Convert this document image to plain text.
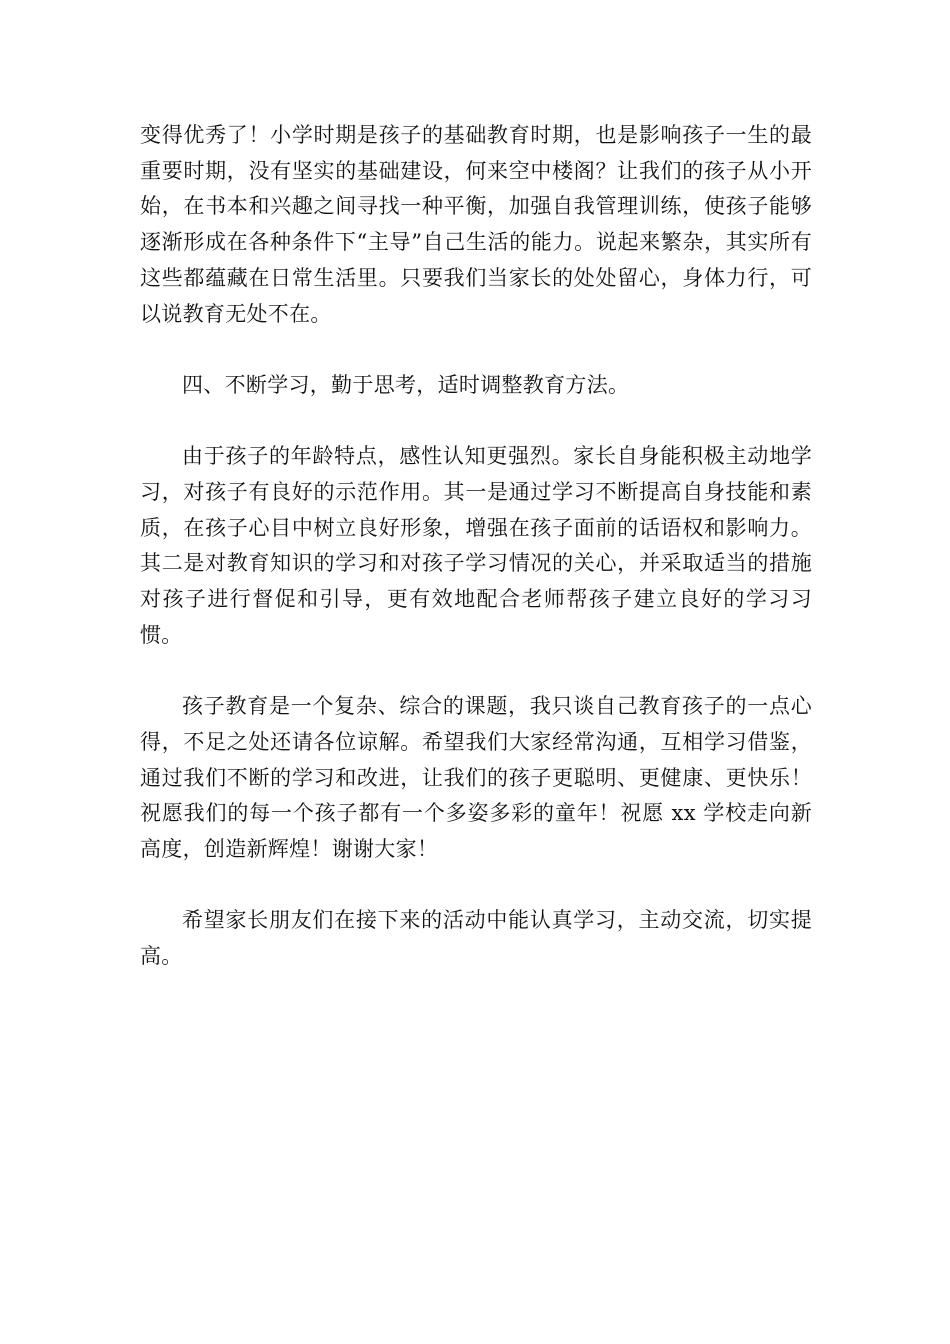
变得优秀了！小学时期是孩子的基础教育时期，也是影响孩子一生的最重要时期，没有坚实的基础建设，何来空中楼阁？让我们的孩子从小开始，在书本和兴趣之间寻找一种平衡，加强自我管理训练，使孩子能够逐渐形成在各种条件下“主导”自己生活的能力。说起来繁杂，其实所有这些都蕴藏在日常生活里。只要我们当家长的处处留心，身体力行，可以说教育无处不在。

四、不断学习，勤于思考，适时调整教育方法。

由于孩子的年龄特点，感性认知更强烈。家长自身能积极主动地学习，对孩子有良好的示范作用。其一是通过学习不断提高自身技能和素质，在孩子心目中树立良好形象，增强在孩子面前的话语权和影响力。其二是对教育知识的学习和对孩子学习情况的关心，并采取适当的措施对孩子进行督促和引导，更有效地配合老师帮孩子建立良好的学习习惯。

孩子教育是一个复杂、综合的课题，我只谈自己教育孩子的一点心得，不足之处还请各位谅解。希望我们大家经常沟通，互相学习借鉴，通过我们不断的学习和改进，让我们的孩子更聪明、更健康、更快乐！祝愿我们的每一个孩子都有一个多姿多彩的童年！祝愿 xx 学校走向新高度，创造新辉煌！谢谢大家！

希望家长朋友们在接下来的活动中能认真学习，主动交流，切实提高。
